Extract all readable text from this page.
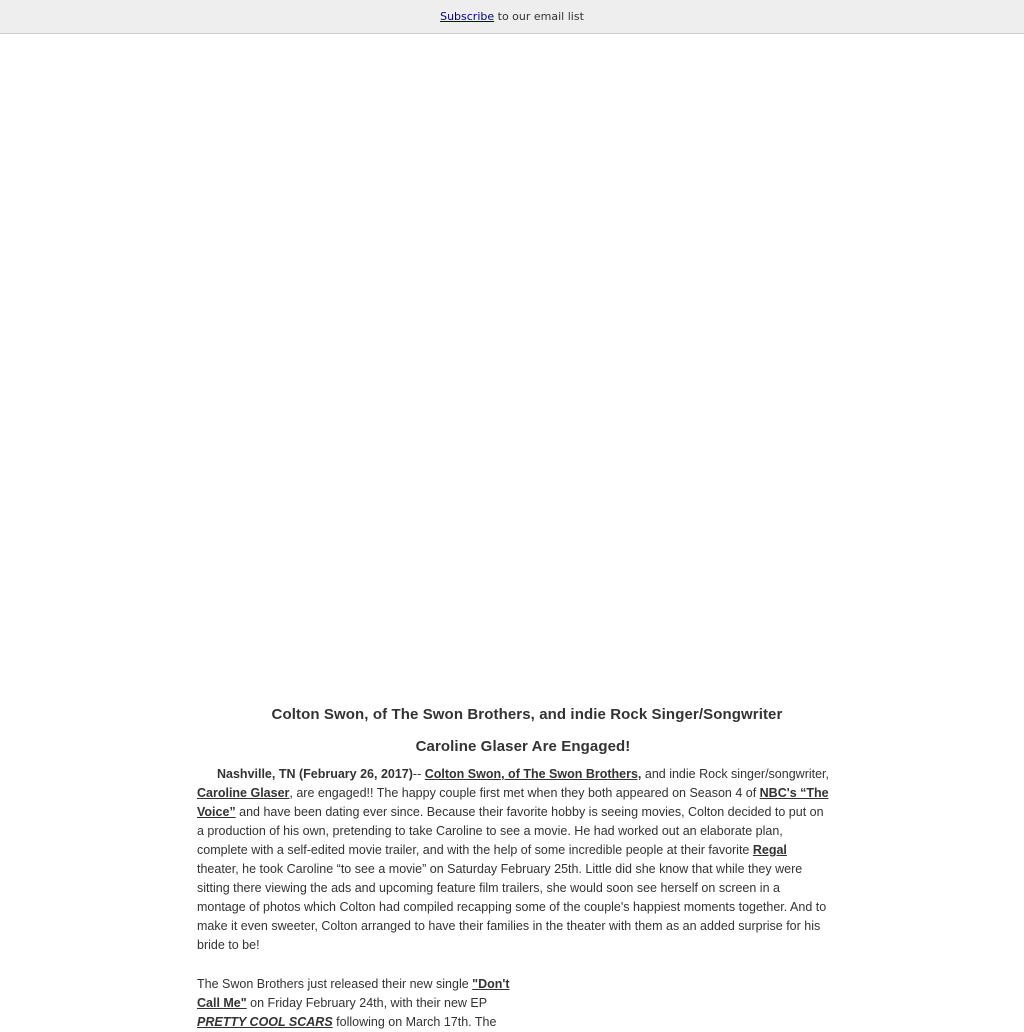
Subscribe to our email list
Colton Swon, of The Swon Brothers, and indie Rock Singer/Songwriter
Caroline Glaser Are Engaged!

Nashville, TN (February 26, 2017)-- Colton Swon, of The Swon Brothers, and indie Rock singer/songwriter, Caroline Glaser, are engaged!! The happy couple first met when they both appeared on Season 4 of NBC's “The Voice” and have been dating ever since. Because their favorite hobby is seeing movies, Colton decided to put on a production of his own, pretending to take Caroline to see a movie. He had worked out an elaborate plan, complete with a self-edited movie trailer, and with the help of some incredible people at their favorite Regal theater, he took Caroline “to see a movie” on Saturday February 25th. Little did she know that while they were sitting there viewing the ads and upcoming feature film trailers, she would soon see herself on screen in a montage of photos which Colton had compiled recapping some of the couple's happiest moments together. And to make it even sweeter, Colton arranged to have their families in the theater with them as an added surprise for his bride to be!

The Swon Brothers just released their new single "Don't Call Me" on Friday February 24th, with their new EP PRETTY COOL SCARS following on March 17th. The
